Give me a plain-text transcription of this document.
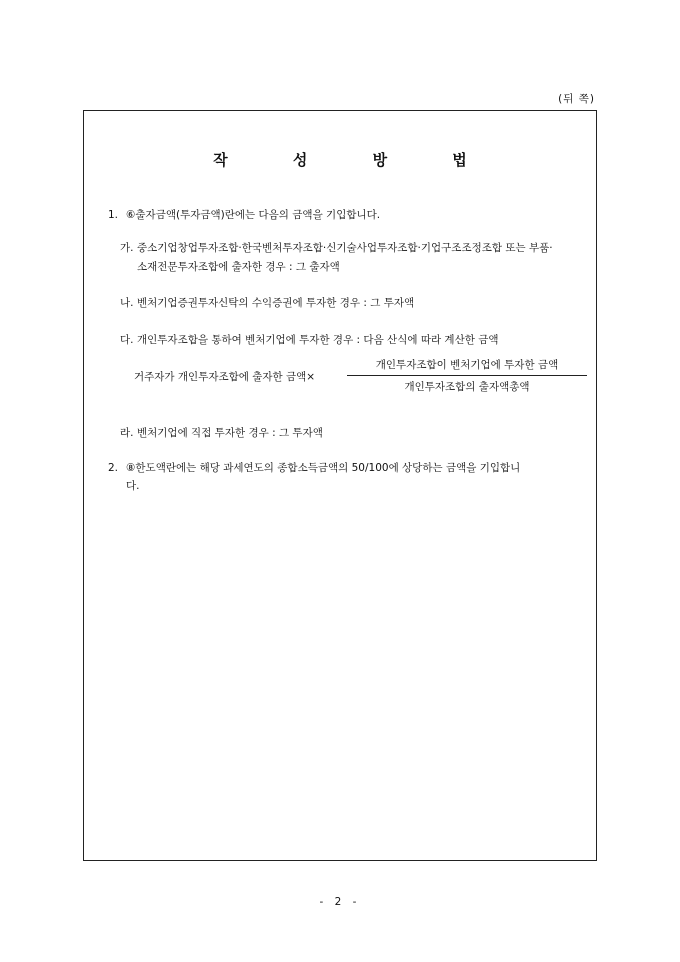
(뒤 쪽)
작 성 방 법
1. ⑥출자금액(투자금액)란에는 다음의 금액을 기입합니다.
가. 중소기업창업투자조합·한국벤처투자조합·신기술사업투자조합·기업구조조정조합 또는 부품·
소재전문투자조합에 출자한 경우 : 그 출자액
나. 벤처기업증권투자신탁의 수익증권에 투자한 경우 : 그 투자액
다. 개인투자조합을 통하여 벤처기업에 투자한 경우 : 다음 산식에 따라 계산한 금액
거주자가 개인투자조합에 출자한 금액×
개인투자조합이 벤처기업에 투자한 금액
개인투자조합의 출자액총액
라. 벤처기업에 직접 투자한 경우 : 그 투자액
2. ⑧한도액란에는 해당 과세연도의 종합소득금액의 50/100에 상당하는 금액을 기입합니
다.
- 2 -
